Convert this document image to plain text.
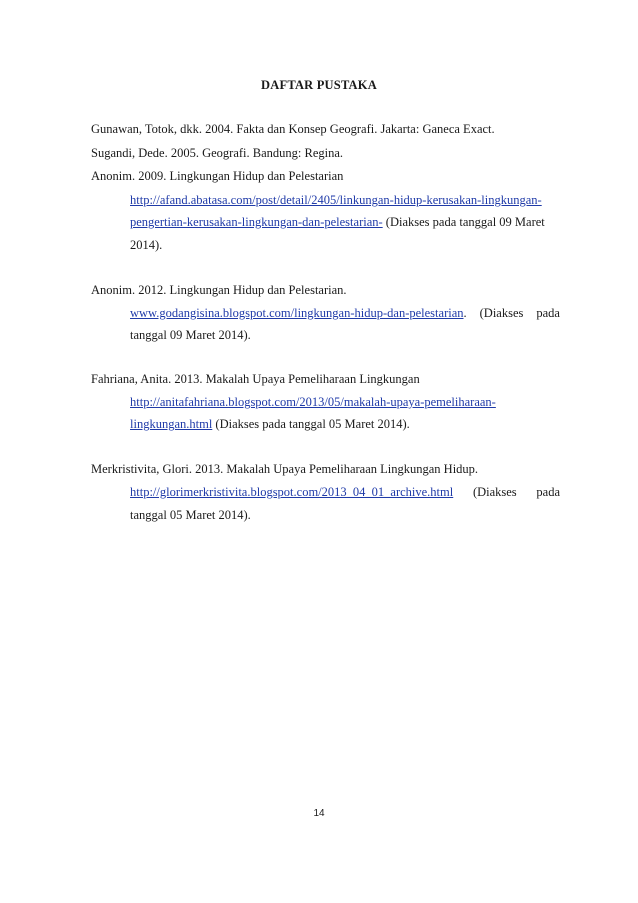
DAFTAR PUSTAKA
Gunawan, Totok, dkk. 2004. Fakta dan Konsep Geografi. Jakarta: Ganeca Exact.
Sugandi, Dede. 2005. Geografi. Bandung: Regina.
Anonim. 2009. Lingkungan Hidup dan Pelestarian
http://afand.abatasa.com/post/detail/2405/linkungan-hidup-kerusakan-lingkungan-
pengertian-kerusakan-lingkungan-dan-pelestarian- (Diakses pada tanggal 09 Maret
2014).
Anonim. 2012. Lingkungan Hidup dan Pelestarian.
www.godangisina.blogspot.com/lingkungan-hidup-dan-pelestarian. (Diakses pada
tanggal 09 Maret 2014).
Fahriana, Anita. 2013. Makalah Upaya Pemeliharaan Lingkungan
http://anitafahriana.blogspot.com/2013/05/makalah-upaya-pemeliharaan-
lingkungan.html (Diakses pada tanggal 05 Maret 2014).
Merkristivita, Glori. 2013. Makalah Upaya Pemeliharaan Lingkungan Hidup.
http://glorimerkristivita.blogspot.com/2013_04_01_archive.html (Diakses pada
tanggal 05 Maret 2014).
14
